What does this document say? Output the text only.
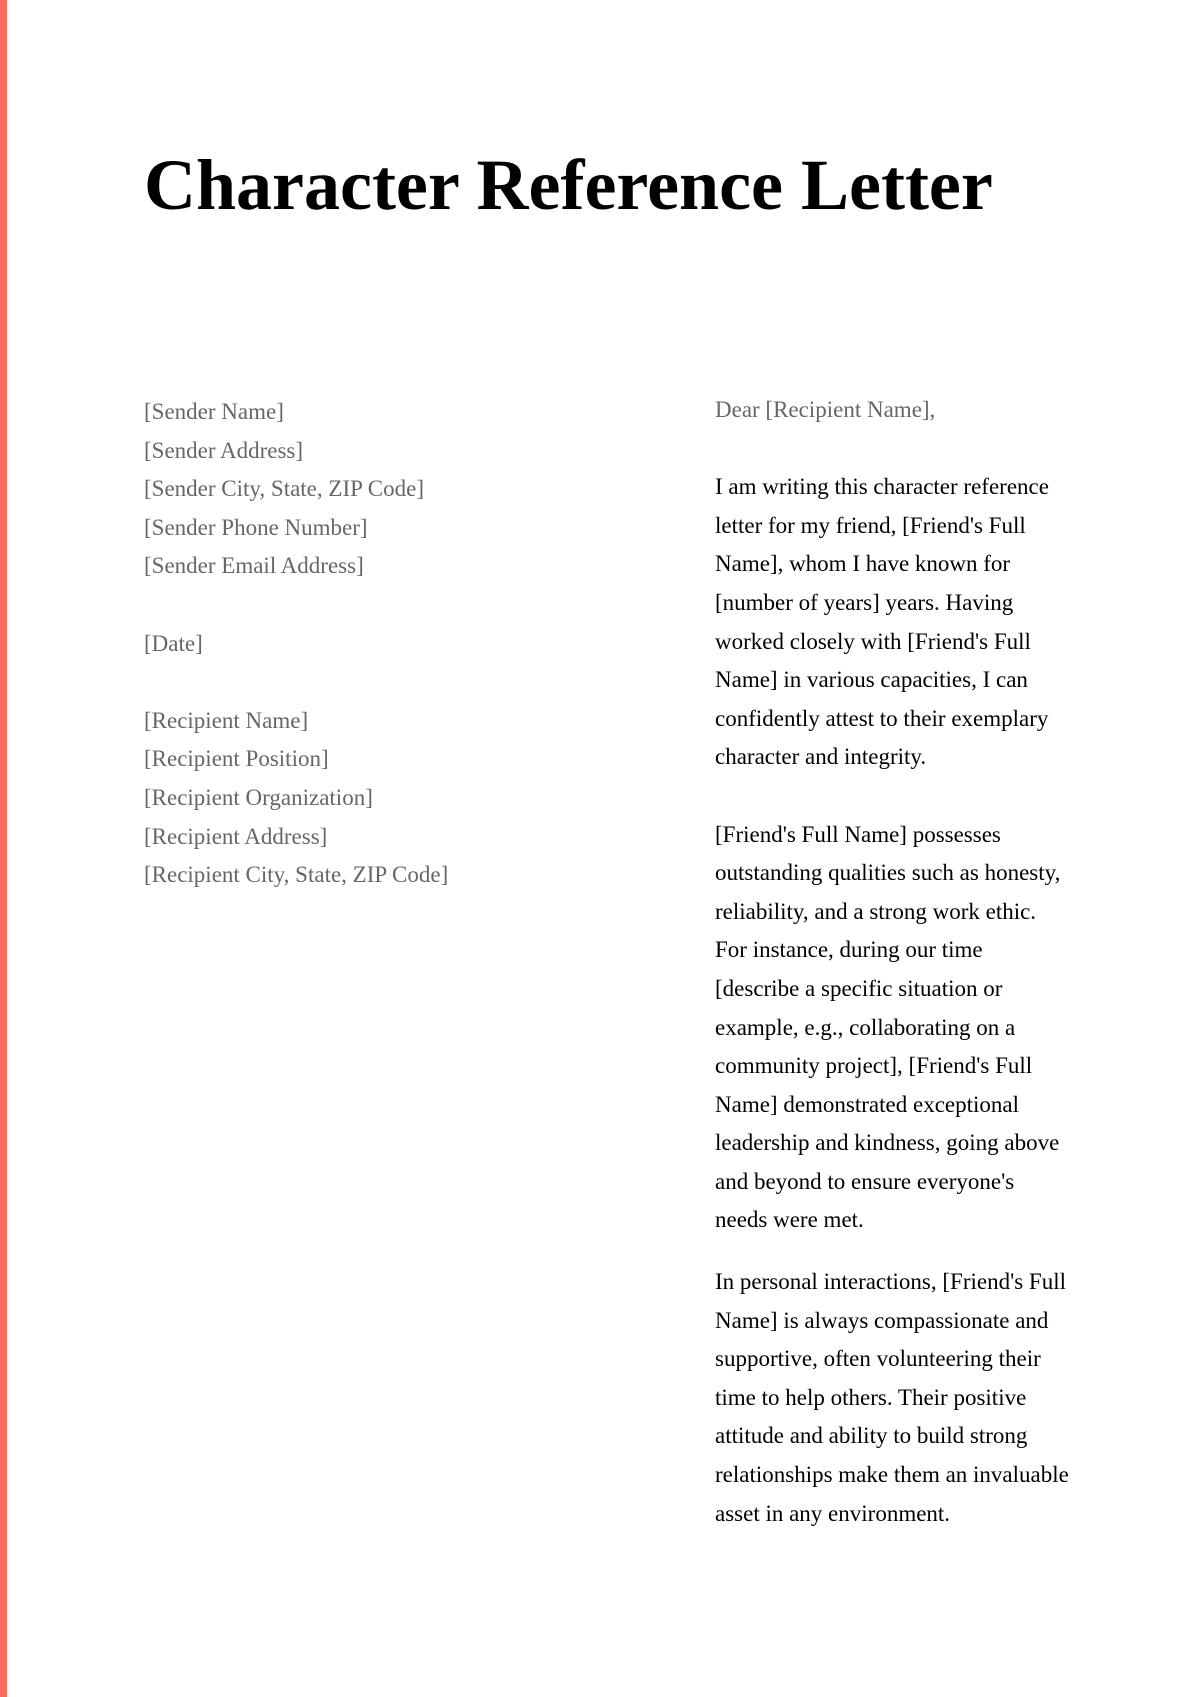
Character Reference Letter
[Sender Name]
[Sender Address]
[Sender City, State, ZIP Code]
[Sender Phone Number]
[Sender Email Address]
[Date]
[Recipient Name]
[Recipient Position]
[Recipient Organization]
[Recipient Address]
[Recipient City, State, ZIP Code]

Dear [Recipient Name],

I am writing this character reference letter for my friend, [Friend's Full Name], whom I have known for [number of years] years. Having worked closely with [Friend's Full Name] in various capacities, I can confidently attest to their exemplary character and integrity.

[Friend's Full Name] possesses outstanding qualities such as honesty, reliability, and a strong work ethic. For instance, during our time [describe a specific situation or example, e.g., collaborating on a community project], [Friend's Full Name] demonstrated exceptional leadership and kindness, going above and beyond to ensure everyone's needs were met.

In personal interactions, [Friend's Full Name] is always compassionate and supportive, often volunteering their time to help others. Their positive attitude and ability to build strong relationships make them an invaluable asset in any environment.
